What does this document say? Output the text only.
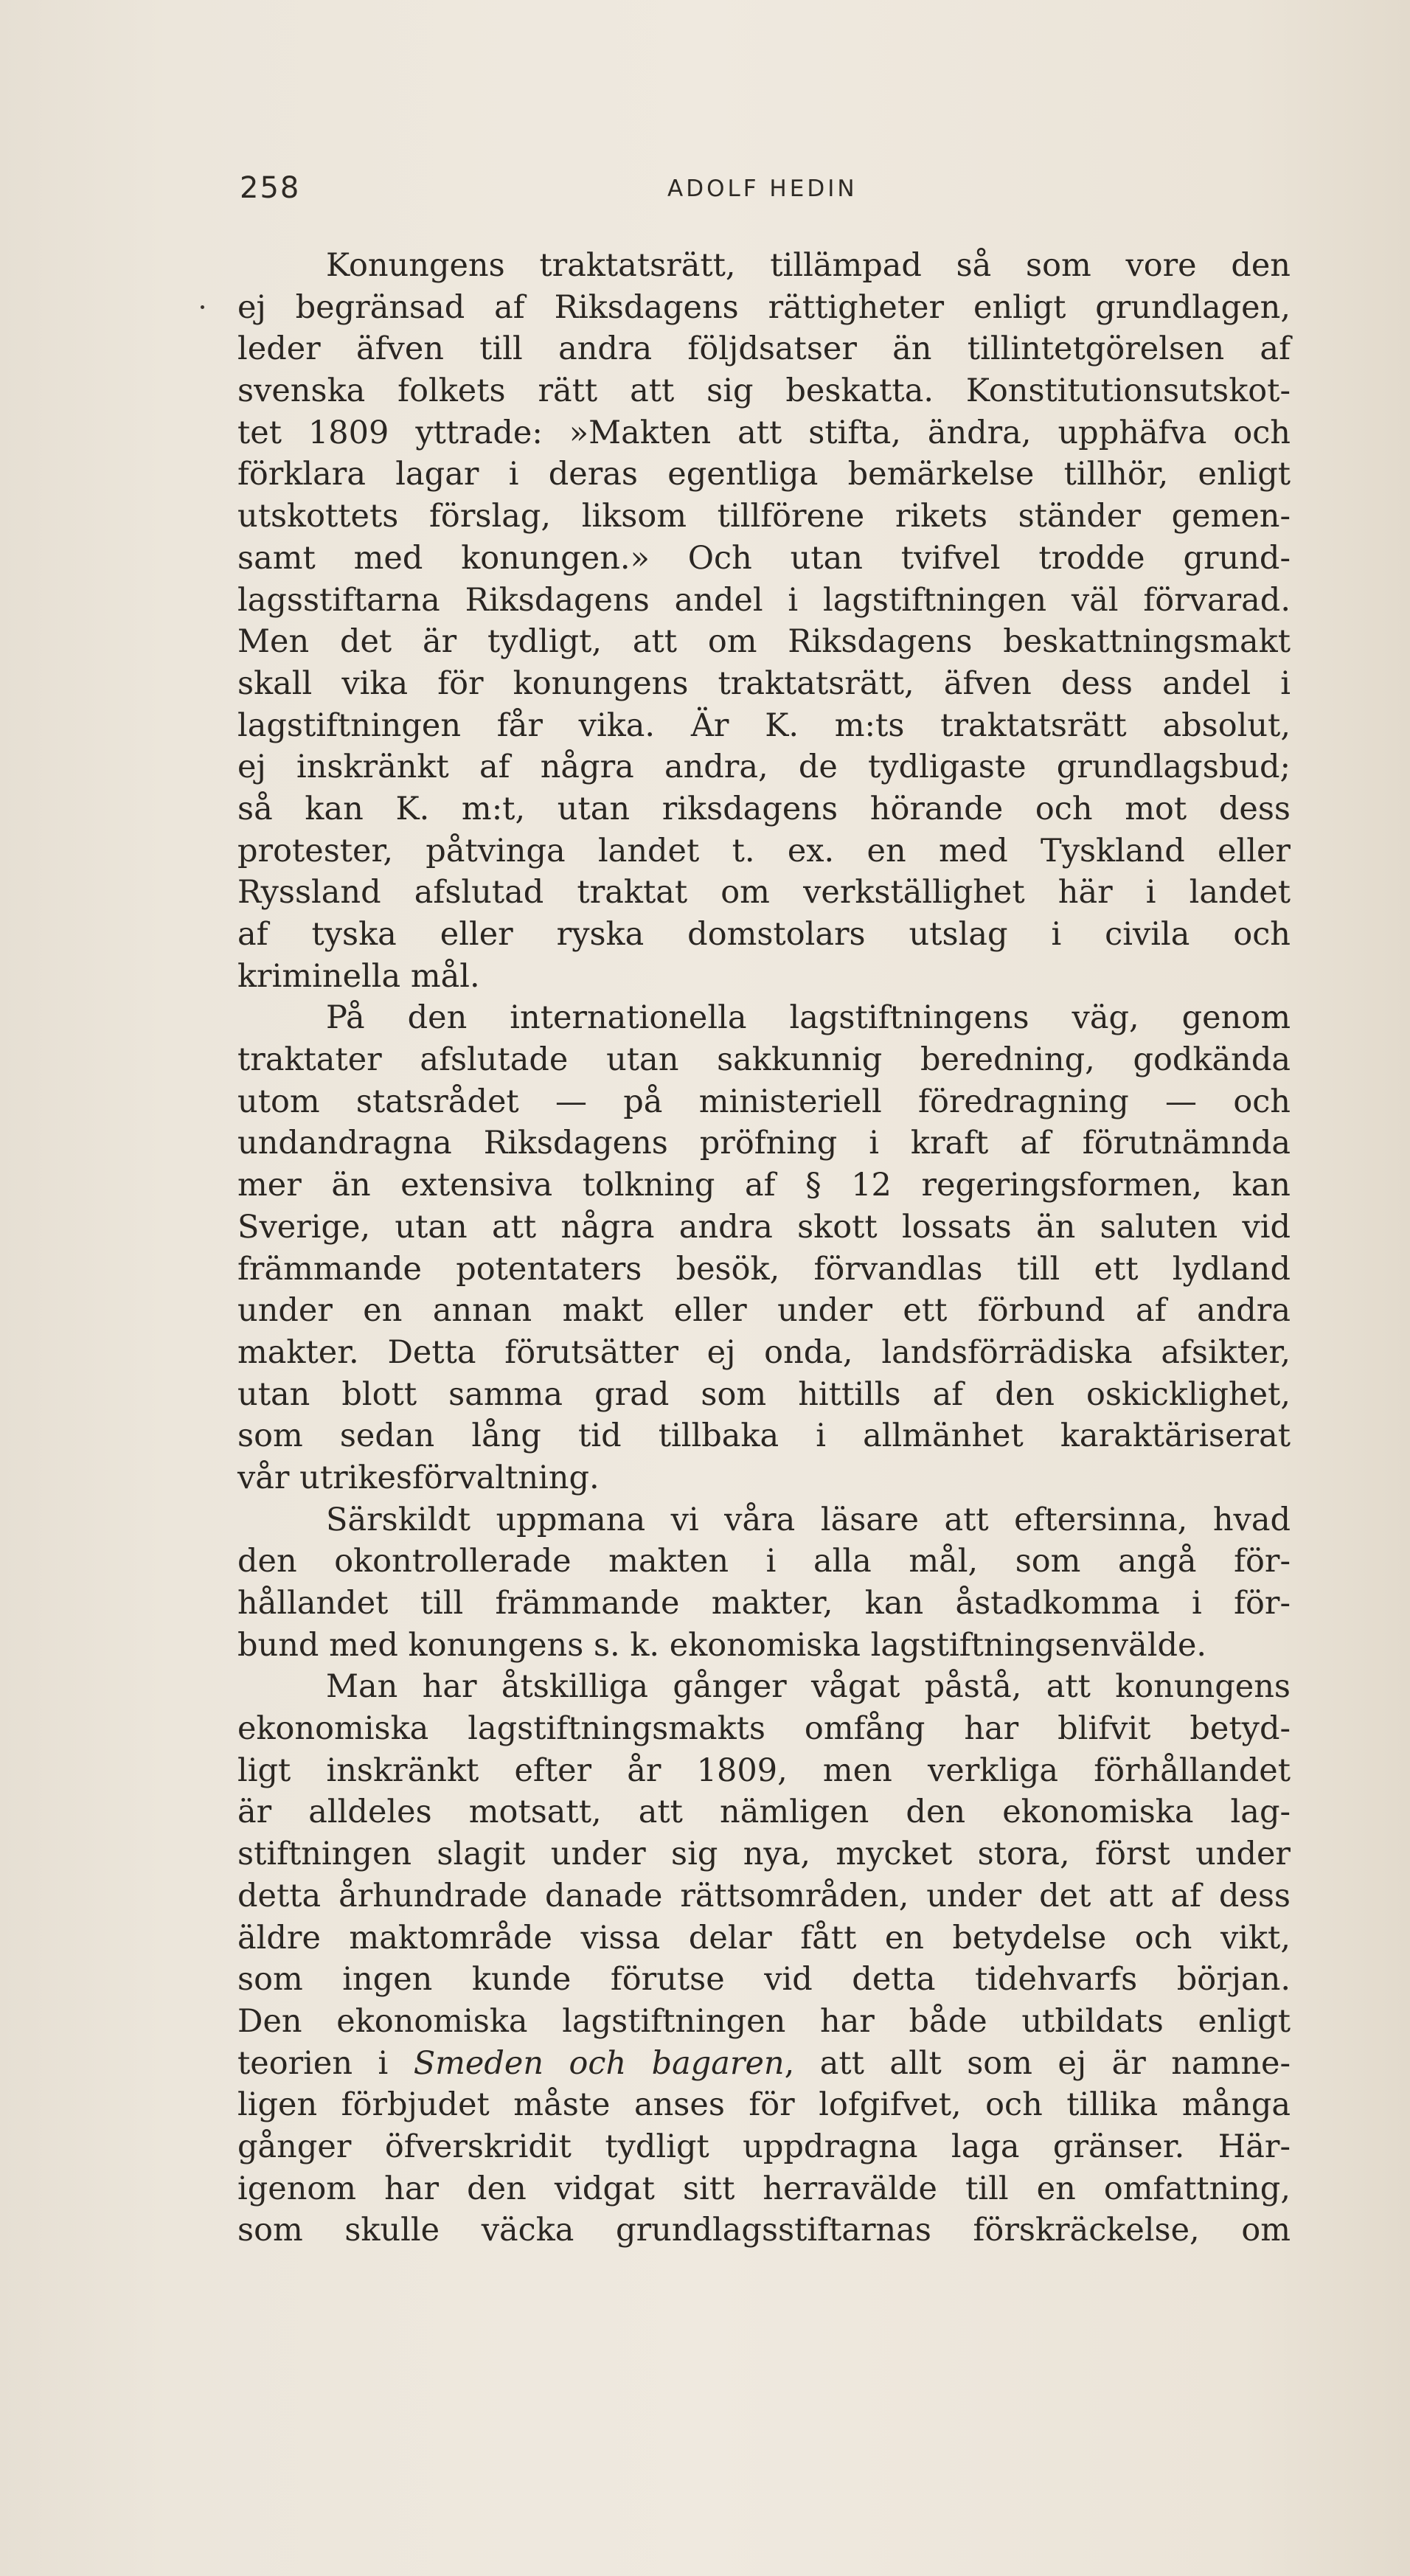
258	ADOLF HEDIN
Konungens traktatsrätt, tillämpad så som vore den
ej begränsad af Riksdagens rättigheter enligt grundlagen,
leder äfven till andra följdsatser än tillintetgörelsen af
svenska folkets rätt att sig beskatta. Konstitutionsutskot-
tet 1809 yttrade: »Makten att stifta, ändra, upphäfva och
förklara lagar i deras egentliga bemärkelse tillhör, enligt
utskottets förslag, liksom tillförene rikets ständer gemen-
samt med konungen.» Och utan tvifvel trodde grund-
lagsstiftarna Riksdagens andel i lagstiftningen väl förvarad.
Men det är tydligt, att om Riksdagens beskattningsmakt
skall vika för konungens traktatsrätt, äfven dess andel i
lagstiftningen får vika. Är K. m:ts traktatsrätt absolut,
ej inskränkt af några andra, de tydligaste grundlagsbud;
så kan K. m:t, utan riksdagens hörande och mot dess
protester, påtvinga landet t. ex. en med Tyskland eller
Ryssland afslutad traktat om verkställighet här i landet
af tyska eller ryska domstolars utslag i civila och
kriminella mål.
På den internationella lagstiftningens väg, genom
traktater afslutade utan sakkunnig beredning, godkända
utom statsrådet — på ministeriell föredragning — och
undandragna Riksdagens pröfning i kraft af förutnämnda
mer än extensiva tolkning af § 12 regeringsformen, kan
Sverige, utan att några andra skott lossats än saluten vid
främmande potentaters besök, förvandlas till ett lydland
under en annan makt eller under ett förbund af andra
makter. Detta förutsätter ej onda, landsförrädiska afsikter,
utan blott samma grad som hittills af den oskicklighet,
som sedan lång tid tillbaka i allmänhet karaktäriserat
vår utrikesförvaltning.
Särskildt uppmana vi våra läsare att eftersinna, hvad
den okontrollerade makten i alla mål, som angå för-
hållandet till främmande makter, kan åstadkomma i för-
bund med konungens s. k. ekonomiska lagstiftningsenvälde.
Man har åtskilliga gånger vågat påstå, att konungens
ekonomiska lagstiftningsmakts omfång har blifvit betyd-
ligt inskränkt efter år 1809, men verkliga förhållandet
är alldeles motsatt, att nämligen den ekonomiska lag-
stiftningen slagit under sig nya, mycket stora, först under
detta århundrade danade rättsområden, under det att af dess
äldre maktområde vissa delar fått en betydelse och vikt,
som ingen kunde förutse vid detta tidehvarfs början.
Den ekonomiska lagstiftningen har både utbildats enligt
teorien i Smeden och bagaren, att allt som ej är namne-
ligen förbjudet måste anses för lofgifvet, och tillika många
gånger öfverskridit tydligt uppdragna laga gränser. Här-
igenom har den vidgat sitt herravälde till en omfattning,
som skulle väcka grundlagsstiftarnas förskräckelse, om
